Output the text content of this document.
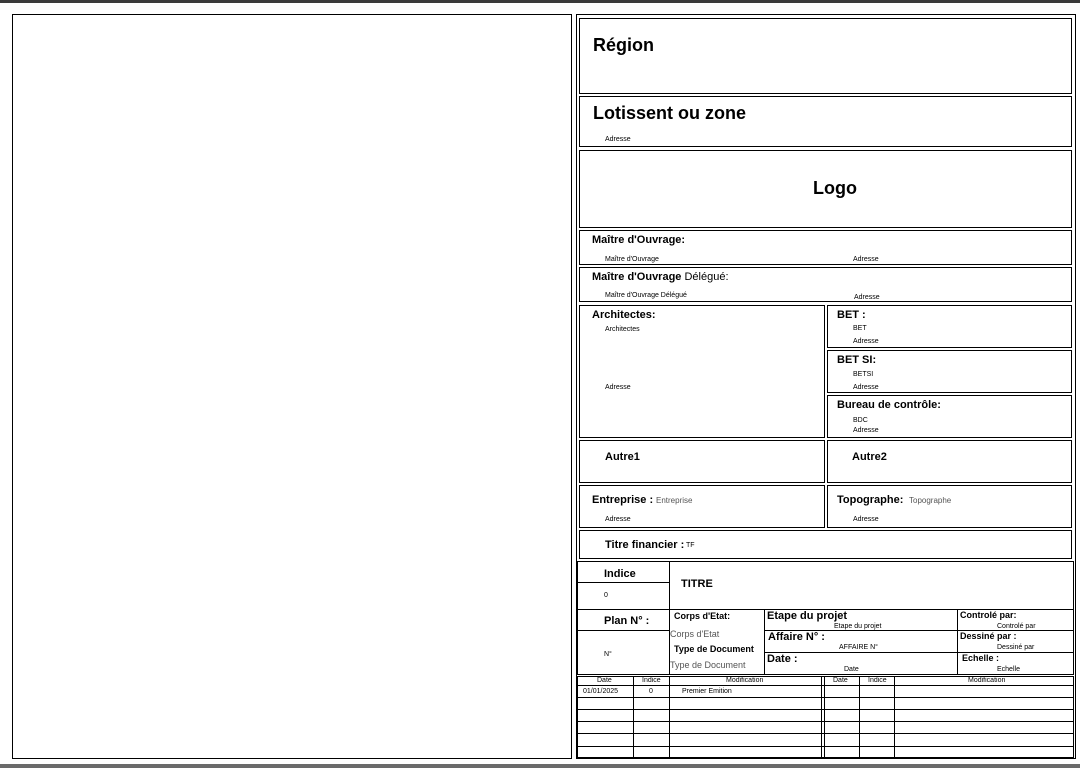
Région
Lotissent ou zone
Adresse
Logo
Maître d'Ouvrage:
Maître d'Ouvrage	Adresse
Maître d'Ouvrage Délégué:
Maître d'Ouvrage Délégué	Adresse
Architectes:
Architectes
Adresse
BET :
BET
Adresse
BET SI:
BETSI
Adresse
Bureau de contrôle:
BDC
Adresse
Autre1	Autre2
Entreprise : Entreprise
Adresse
Topographe: Topographe
Adresse
Titre financier : TF
Indice
0
TITRE
Plan N° :
N°
Corps d'Etat:
Corps d'Etat
Type de Document
Type de Document
Etape du projet
Etape du projet
Affaire N° :
AFFAIRE N°
Date :
Date
Controlé par:
Controlé par
Dessiné par :
Dessiné par
Echelle :
Echelle
Date	Indice	Modification	Date	Indice	Modification
01/01/2025	0	Premier Emition
